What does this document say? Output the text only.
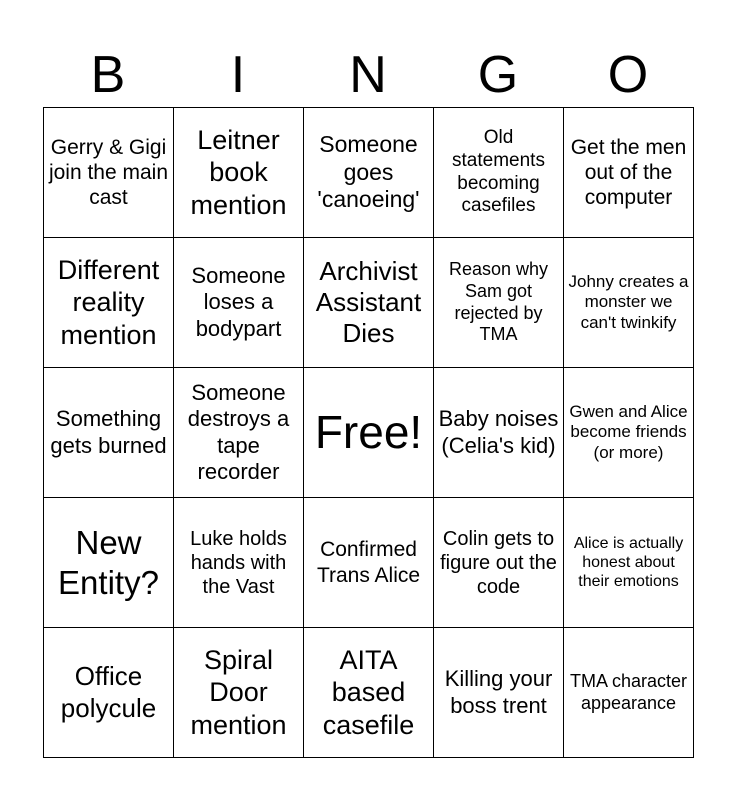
B	I	N	G	O
Gerry & Gigi join the main cast	Leitner book mention	Someone goes 'canoeing'	Old statements becoming casefiles	Get the men out of the computer
Different reality mention	Someone loses a bodypart	Archivist Assistant Dies	Reason why Sam got rejected by TMA	Johny creates a monster we can't twinkify
Something gets burned	Someone destroys a tape recorder	Free!	Baby noises (Celia's kid)	Gwen and Alice become friends (or more)
New Entity?	Luke holds hands with the Vast	Confirmed Trans Alice	Colin gets to figure out the code	Alice is actually honest about their emotions
Office polycule	Spiral Door mention	AITA based casefile	Killing your boss trent	TMA character appearance
